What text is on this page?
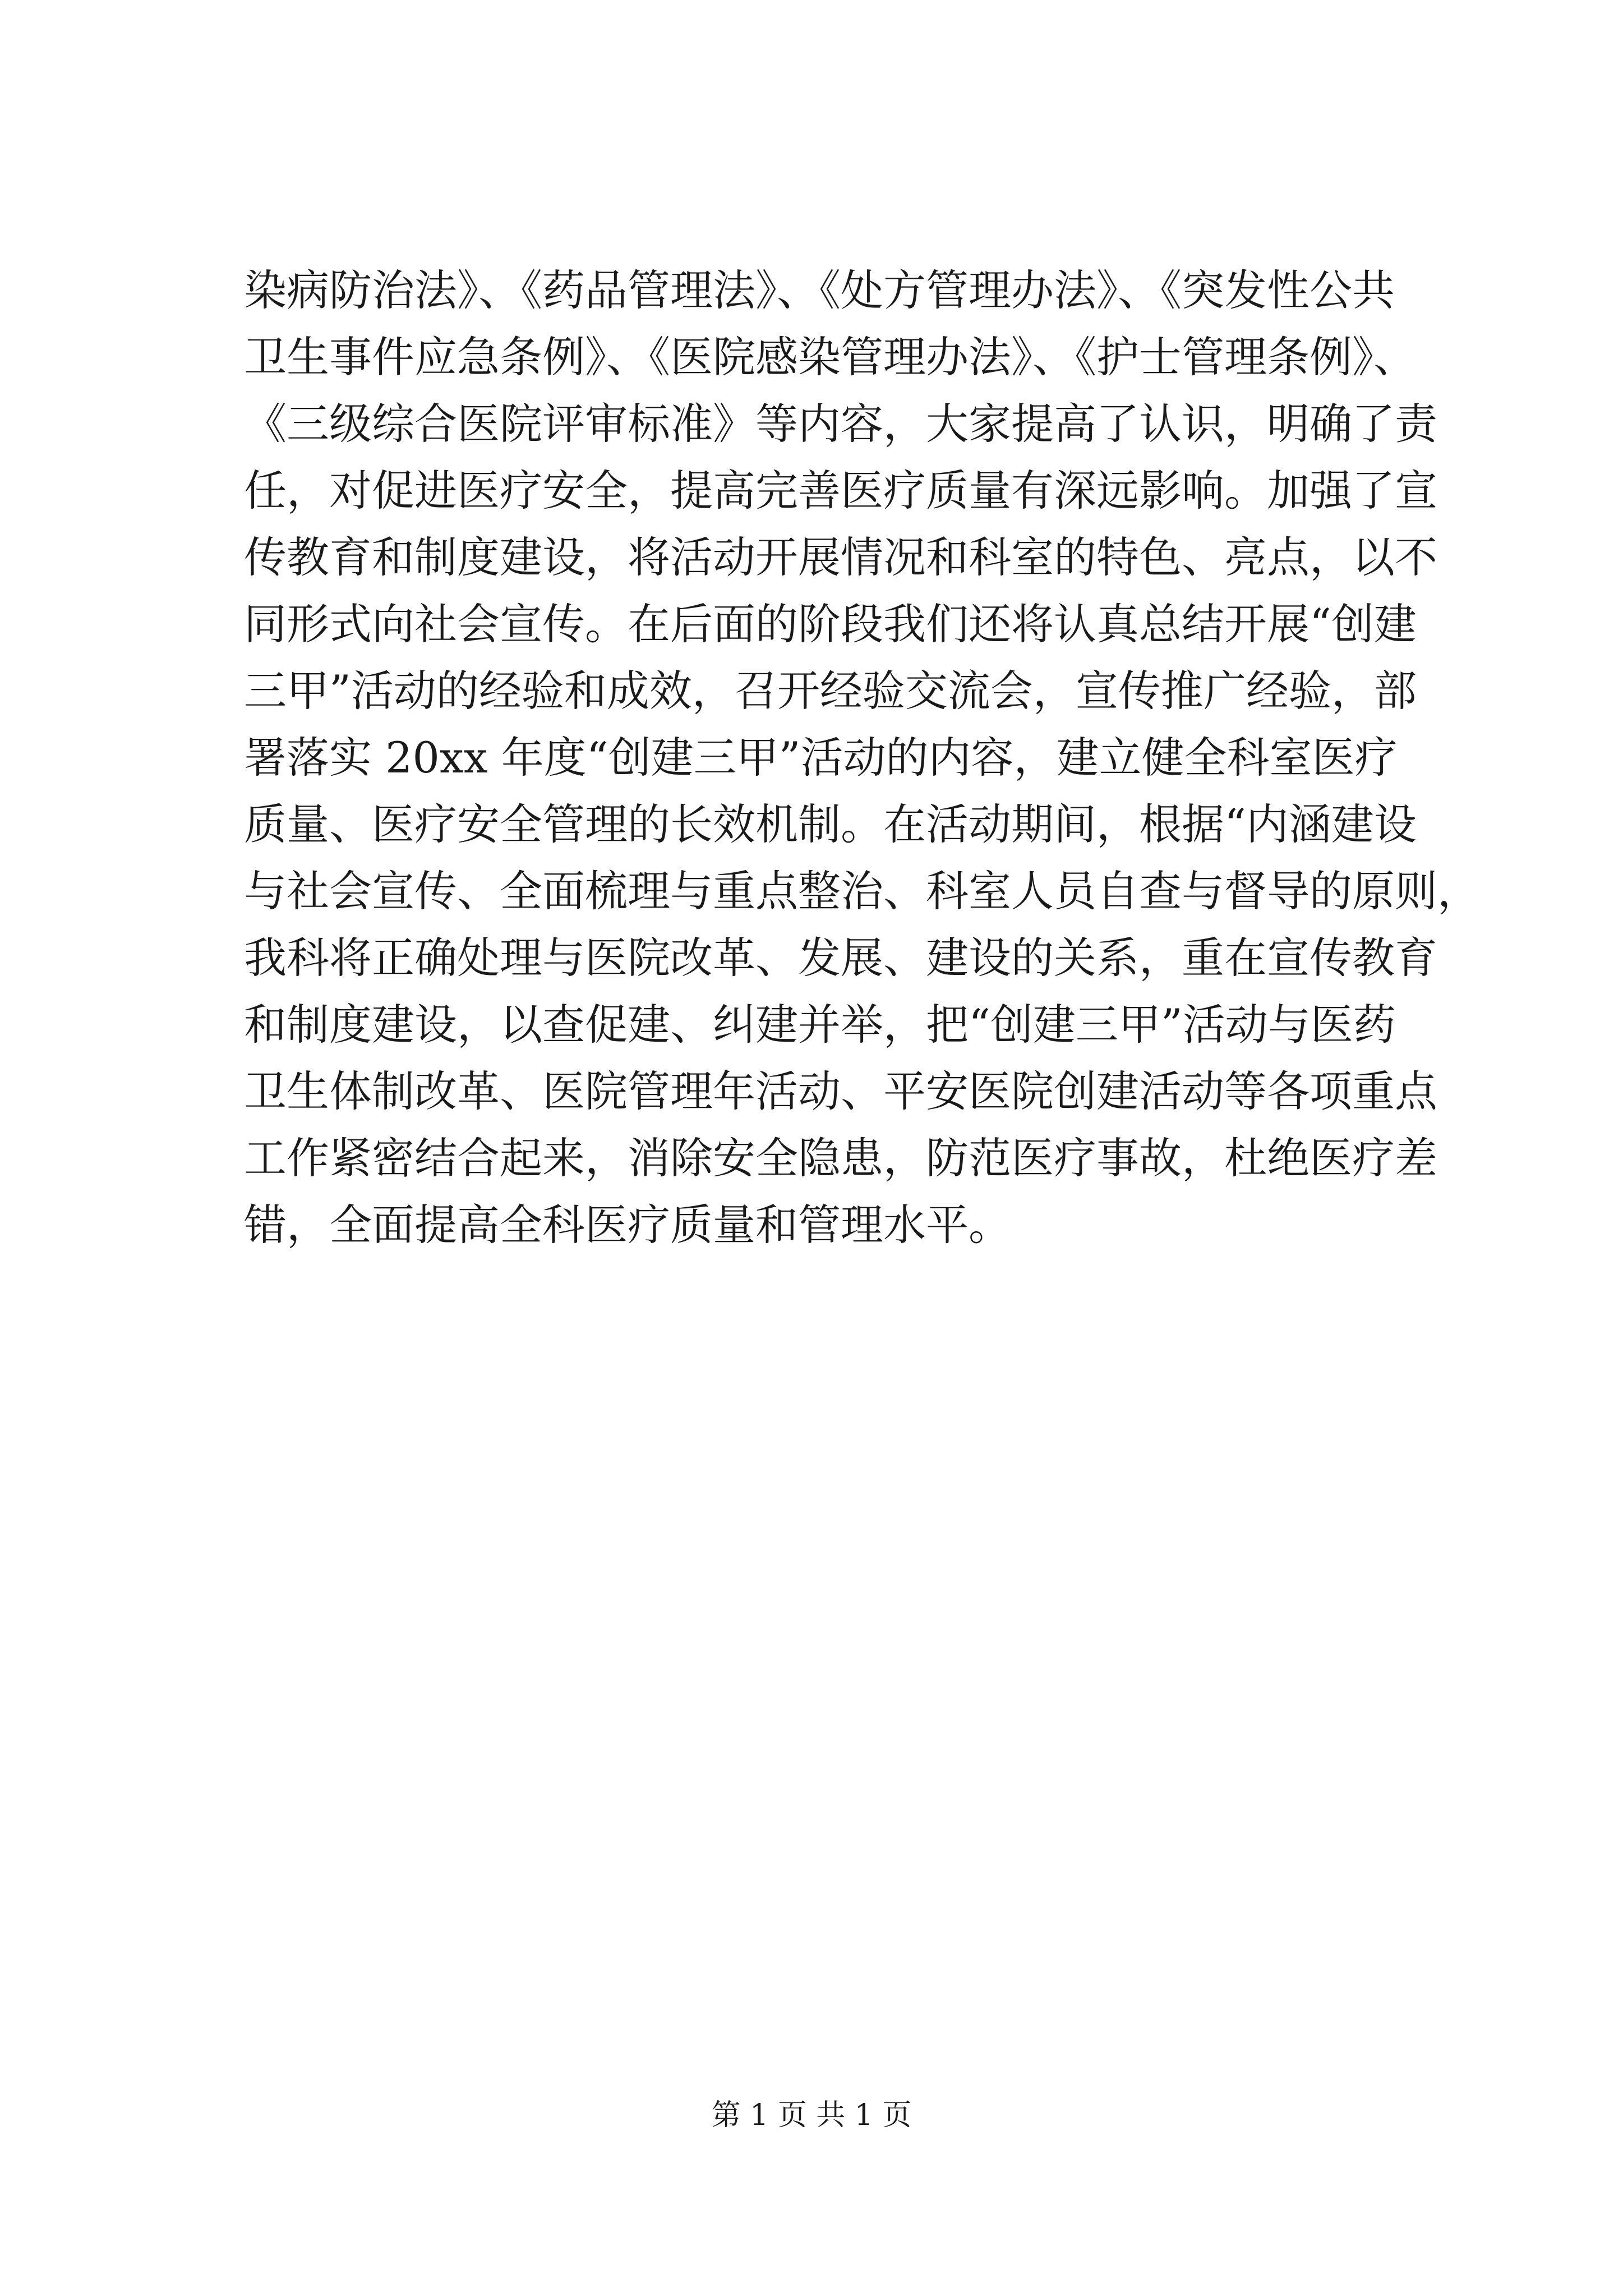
染病防治法》、《药品管理法》、《处方管理办法》、《突发性公共
卫生事件应急条例》、《医院感染管理办法》、《护士管理条例》、
《三级综合医院评审标准》等内容，大家提高了认识，明确了责
任，对促进医疗安全，提高完善医疗质量有深远影响。加强了宣
传教育和制度建设，将活动开展情况和科室的特色、亮点，以不
同形式向社会宣传。在后面的阶段我们还将认真总结开展“创建
三甲”活动的经验和成效，召开经验交流会，宣传推广经验，部
署落实 20xx 年度“创建三甲”活动的内容，建立健全科室医疗
质量、医疗安全管理的长效机制。在活动期间，根据“内涵建设
与社会宣传、全面梳理与重点整治、科室人员自查与督导的原则，
我科将正确处理与医院改革、发展、建设的关系，重在宣传教育
和制度建设，以查促建、纠建并举，把“创建三甲”活动与医药
卫生体制改革、医院管理年活动、平安医院创建活动等各项重点
工作紧密结合起来，消除安全隐患，防范医疗事故，杜绝医疗差
错，全面提高全科医疗质量和管理水平。
第 1 页 共 1 页
